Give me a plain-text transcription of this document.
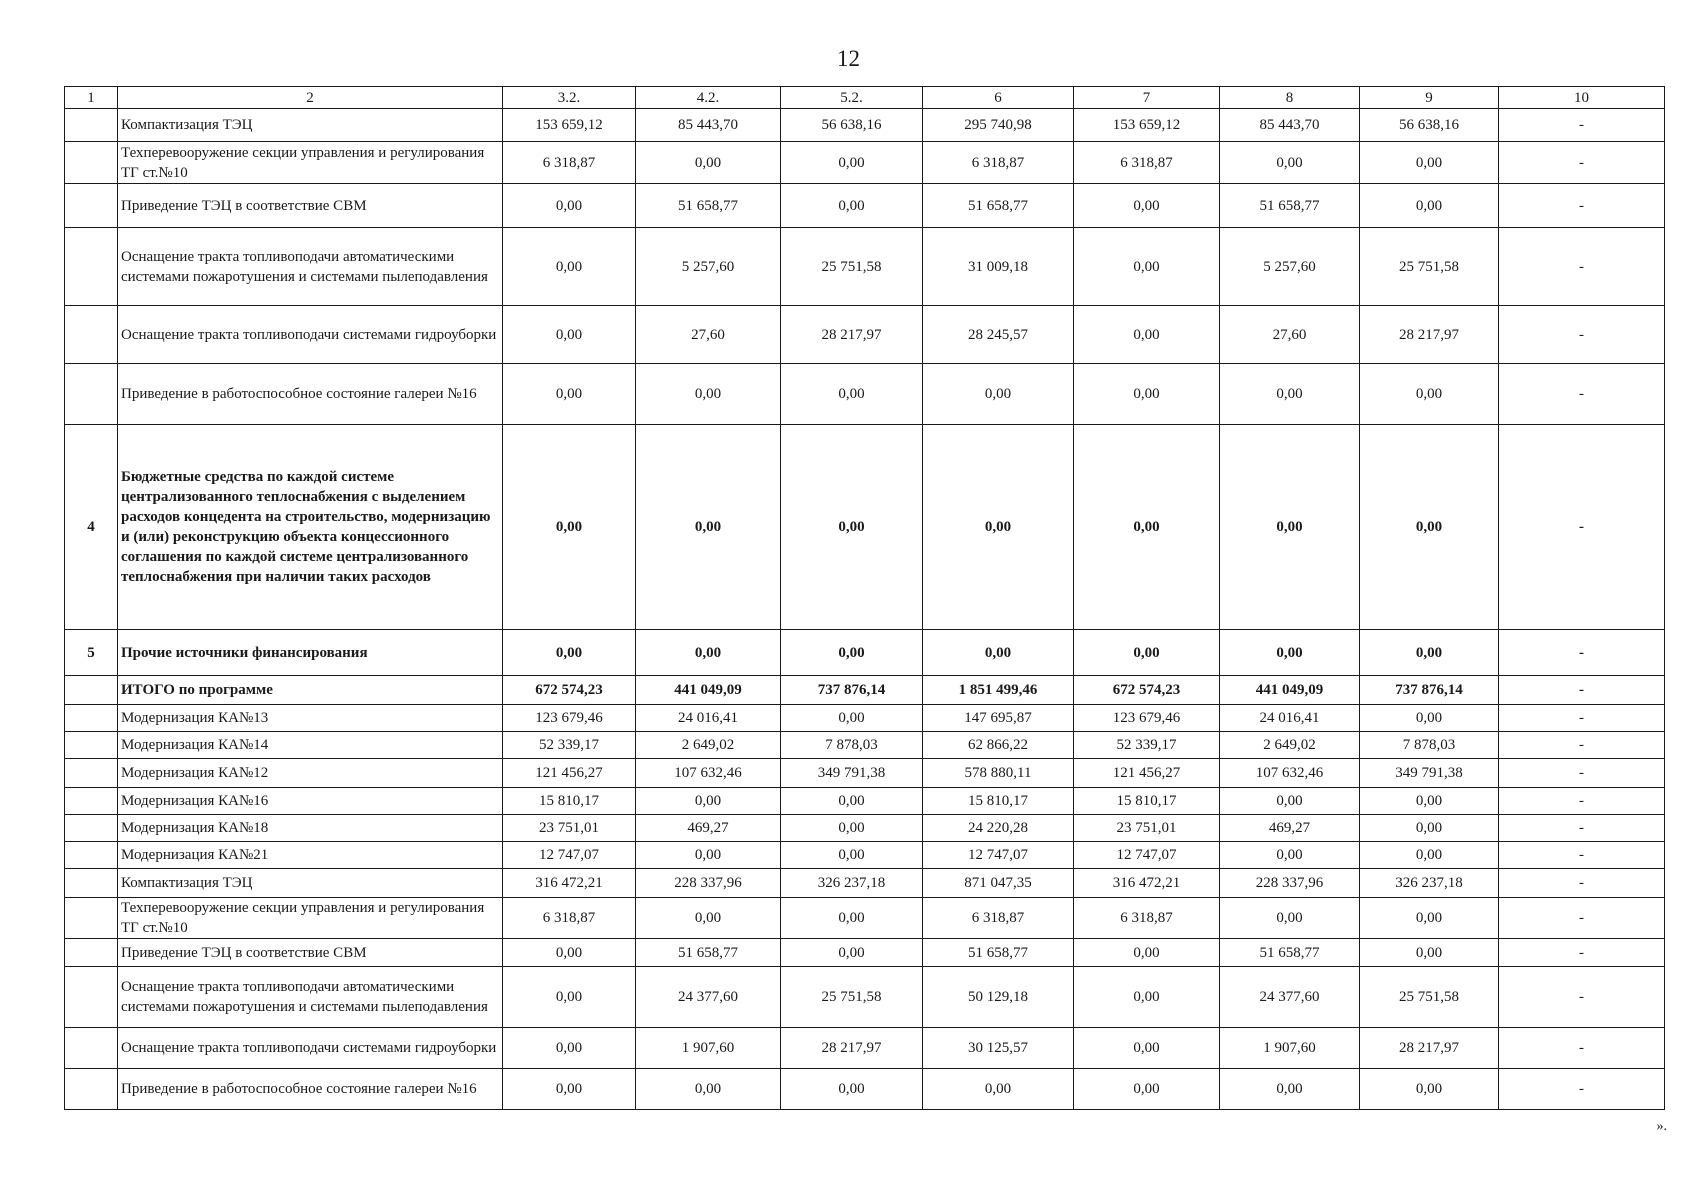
12
1	2	3.2.	4.2.	5.2.	6	7	8	9	10
	Компактизация ТЭЦ	153 659,12	85 443,70	56 638,16	295 740,98	153 659,12	85 443,70	56 638,16	-
	Техперевооружение секции управления и регулирования ТГ ст.№10	6 318,87	0,00	0,00	6 318,87	6 318,87	0,00	0,00	-
	Приведение ТЭЦ в соответствие СВМ	0,00	51 658,77	0,00	51 658,77	0,00	51 658,77	0,00	-
	Оснащение тракта топливоподачи автоматическими системами пожаротушения и системами пылеподавления	0,00	5 257,60	25 751,58	31 009,18	0,00	5 257,60	25 751,58	-
	Оснащение тракта топливоподачи системами гидроуборки	0,00	27,60	28 217,97	28 245,57	0,00	27,60	28 217,97	-
	Приведение в работоспособное состояние галереи №16	0,00	0,00	0,00	0,00	0,00	0,00	0,00	-
4	Бюджетные средства по каждой системе централизованного теплоснабжения с выделением расходов концедента на строительство, модернизацию и (или) реконструкцию объекта концессионного соглашения по каждой системе централизованного теплоснабжения при наличии таких расходов	0,00	0,00	0,00	0,00	0,00	0,00	0,00	-
5	Прочие источники финансирования	0,00	0,00	0,00	0,00	0,00	0,00	0,00	-
	ИТОГО по программе	672 574,23	441 049,09	737 876,14	1 851 499,46	672 574,23	441 049,09	737 876,14	-
	Модернизация КА№13	123 679,46	24 016,41	0,00	147 695,87	123 679,46	24 016,41	0,00	-
	Модернизация КА№14	52 339,17	2 649,02	7 878,03	62 866,22	52 339,17	2 649,02	7 878,03	-
	Модернизация КА№12	121 456,27	107 632,46	349 791,38	578 880,11	121 456,27	107 632,46	349 791,38	-
	Модернизация КА№16	15 810,17	0,00	0,00	15 810,17	15 810,17	0,00	0,00	-
	Модернизация КА№18	23 751,01	469,27	0,00	24 220,28	23 751,01	469,27	0,00	-
	Модернизация КА№21	12 747,07	0,00	0,00	12 747,07	12 747,07	0,00	0,00	-
	Компактизация ТЭЦ	316 472,21	228 337,96	326 237,18	871 047,35	316 472,21	228 337,96	326 237,18	-
	Техперевооружение секции управления и регулирования ТГ ст.№10	6 318,87	0,00	0,00	6 318,87	6 318,87	0,00	0,00	-
	Приведение ТЭЦ в соответствие СВМ	0,00	51 658,77	0,00	51 658,77	0,00	51 658,77	0,00	-
	Оснащение тракта топливоподачи автоматическими системами пожаротушения и системами пылеподавления	0,00	24 377,60	25 751,58	50 129,18	0,00	24 377,60	25 751,58	-
	Оснащение тракта топливоподачи системами гидроуборки	0,00	1 907,60	28 217,97	30 125,57	0,00	1 907,60	28 217,97	-
	Приведение в работоспособное состояние галереи №16	0,00	0,00	0,00	0,00	0,00	0,00	0,00	-
».
